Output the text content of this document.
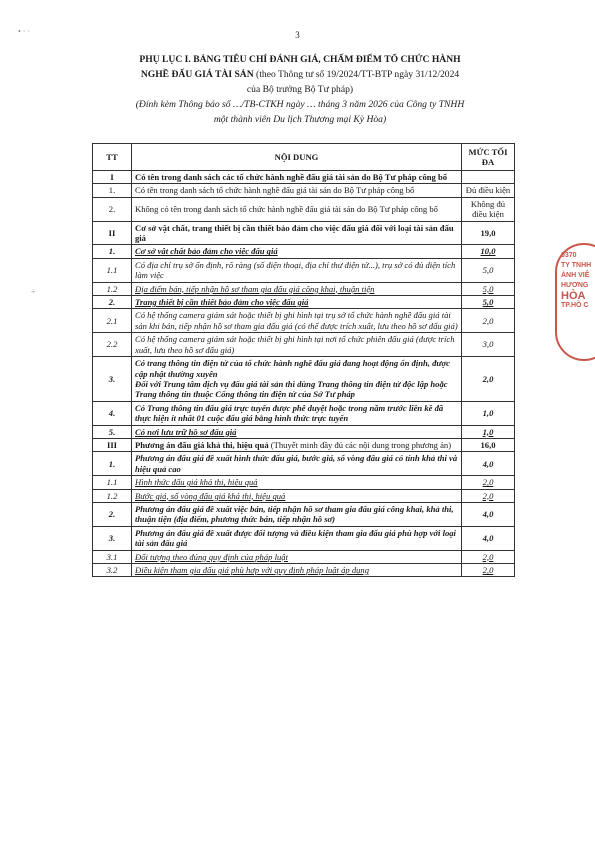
3
• · ·
÷
PHỤ LỤC I. BẢNG TIÊU CHÍ ĐÁNH GIÁ, CHẤM ĐIỂM TỔ CHỨC HÀNH
NGHỀ ĐẤU GIÁ TÀI SẢN (theo Thông tư số 19/2024/TT-BTP ngày 31/12/2024
của Bộ trưởng Bộ Tư pháp)
(Đính kèm Thông báo số …/TB-CTKH ngày … tháng 3 năm 2026 của Công ty TNHH
một thành viên Du lịch Thương mại Kỳ Hòa)
TT	NỘI DUNG	MỨC TỐI ĐA
I	Có tên trong danh sách các tổ chức hành nghề đấu giá tài sản do Bộ Tư pháp công bố	
1.	Có tên trong danh sách tổ chức hành nghề đấu giá tài sản do Bộ Tư pháp công bố	Đủ điều kiện
2.	Không có tên trong danh sách tổ chức hành nghề đấu giá tài sản do Bộ Tư pháp công bố	Không đủ điều kiện
II	Cơ sở vật chất, trang thiết bị cần thiết bảo đảm cho việc đấu giá đối với loại tài sản đấu giá	19,0
1.	Cơ sở vật chất bảo đảm cho việc đấu giá	10,0
1.1	Có địa chỉ trụ sở ổn định, rõ ràng (số điện thoại, địa chỉ thư điện tử...), trụ sở có đủ diện tích làm việc	5,0
1.2	Địa điểm bán, tiếp nhận hồ sơ tham gia đấu giá công khai, thuận tiện	5,0
2.	Trang thiết bị cần thiết bảo đảm cho việc đấu giá	5,0
2.1	Có hệ thống camera giám sát hoặc thiết bị ghi hình tại trụ sở tổ chức hành nghề đấu giá tài sản khi bán, tiếp nhận hồ sơ tham gia đấu giá (có thể được trích xuất, lưu theo hồ sơ đấu giá)	2,0
2.2	Có hệ thống camera giám sát hoặc thiết bị ghi hình tại nơi tổ chức phiên đấu giá (được trích xuất, lưu theo hồ sơ đấu giá)	3,0
3.	Có trang thông tin điện tử của tổ chức hành nghề đấu giá đang hoạt động ổn định, được cập nhật thường xuyên
Đối với Trung tâm dịch vụ đấu giá tài sản thì dùng Trang thông tin điện tử độc lập hoặc Trang thông tin thuộc Cổng thông tin điện tử của Sở Tư pháp	2,0
4.	Có Trang thông tin đấu giá trực tuyến được phê duyệt hoặc trong năm trước liền kề đã thực hiện ít nhất 01 cuộc đấu giá bằng hình thức trực tuyến	1,0
5.	Có nơi lưu trữ hồ sơ đấu giá	1,0
III	Phương án đấu giá khả thi, hiệu quả (Thuyết minh đầy đủ các nội dung trong phương án)	16,0
1.	Phương án đấu giá đề xuất hình thức đấu giá, bước giá, số vòng đấu giá có tính khả thi và hiệu quả cao	4,0
1.1	Hình thức đấu giá khả thi, hiệu quả	2,0
1.2	Bước giá, số vòng đấu giá khả thi, hiệu quả	2,0
2.	Phương án đấu giá đề xuất việc bán, tiếp nhận hồ sơ tham gia đấu giá công khai, khả thi, thuận tiện (địa điểm, phương thức bán, tiếp nhận hồ sơ)	4,0
3.	Phương án đấu giá đề xuất được đối tượng và điều kiện tham gia đấu giá phù hợp với loại tài sản đấu giá	4,0
3.1	Đối tượng theo đúng quy định của pháp luật	2,0
3.2	Điều kiện tham gia đấu giá phù hợp với quy định pháp luật áp dụng	2,0
0370
TY TNHH
ÀNH VIÊ
HƯƠNG
HÒA
TP.HỒ C
